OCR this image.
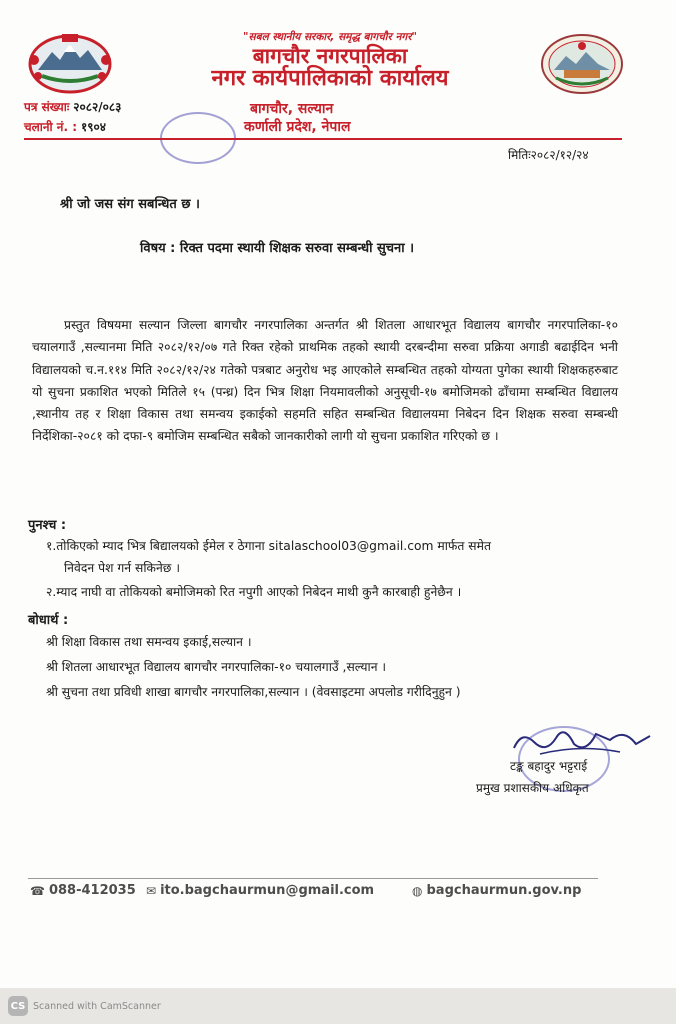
"सबल स्थानीय सरकार, समृद्ध बागचौर नगर"
बागचौर नगरपालिका
नगर कार्यपालिकाको कार्यालय
बागचौर, सल्यान
कर्णाली प्रदेश, नेपाल
पत्र संख्याः २०८२/०८३
चलानी नं. : १९०४
मितिः२०८२/१२/२४
श्री जो जस संग सबन्धित छ ।
विषय : रिक्त पदमा स्थायी शिक्षक सरुवा सम्बन्धी सुचना ।
प्रस्तुत विषयमा सल्यान जिल्ला बागचौर नगरपालिका अन्तर्गत श्री शितला आधारभूत विद्यालय बागचौर नगरपालिका-१० चयालगाउँ ,सल्यानमा मिति २०८२/१२/०७ गते रिक्त रहेको प्राथमिक तहको स्थायी दरबन्दीमा सरुवा प्रक्रिया अगाडी बढाईदिन भनी विद्यालयको च.न.११४ मिति २०८२/१२/२४ गतेको पत्रबाट अनुरोध भइ आएकोले सम्बन्धित तहको योग्यता पुगेका स्थायी शिक्षकहरुबाट यो सुचना प्रकाशित भएको मितिले १५ (पन्ध्र) दिन भित्र शिक्षा नियमावलीको अनुसूची-१७ बमोजिमको ढाँचामा सम्बन्धित विद्यालय ,स्थानीय तह र शिक्षा विकास तथा समन्वय इकाईको सहमति सहित सम्बन्धित विद्यालयमा निबेदन दिन शिक्षक सरुवा सम्बन्धी निर्देशिका-२०८१ को दफा-९ बमोजिम सम्बन्धित सबैको जानकारीको लागी यो सुचना प्रकाशित गरिएको छ ।
पुनश्च :
१.तोकिएको म्याद भित्र बिद्यालयको ईमेल र ठेगाना sitalaschool03@gmail.com मार्फत समेत
निवेदन पेश गर्न सकिनेछ ।
२.म्याद नाघी वा तोकियको बमोजिमको रित नपुगी आएको निबेदन माथी कुनै कारबाही हुनेछैन ।
बोधार्थ :
श्री शिक्षा विकास तथा समन्वय इकाई,सल्यान ।
श्री शितला आधारभूत विद्यालय बागचौर नगरपालिका-१० चयालगाउँ ,सल्यान ।
श्री सुचना तथा प्रविधी शाखा बागचौर नगरपालिका,सल्यान । (वेवसाइटमा अपलोड गरीदिनुहुन )
टङ्क बहादुर भट्टराई
प्रमुख प्रशासकीय अधिकृत
☎ 088-412035 ✉ ito.bagchaurmun@gmail.com	◍ bagchaurmun.gov.np
CS Scanned with CamScanner
